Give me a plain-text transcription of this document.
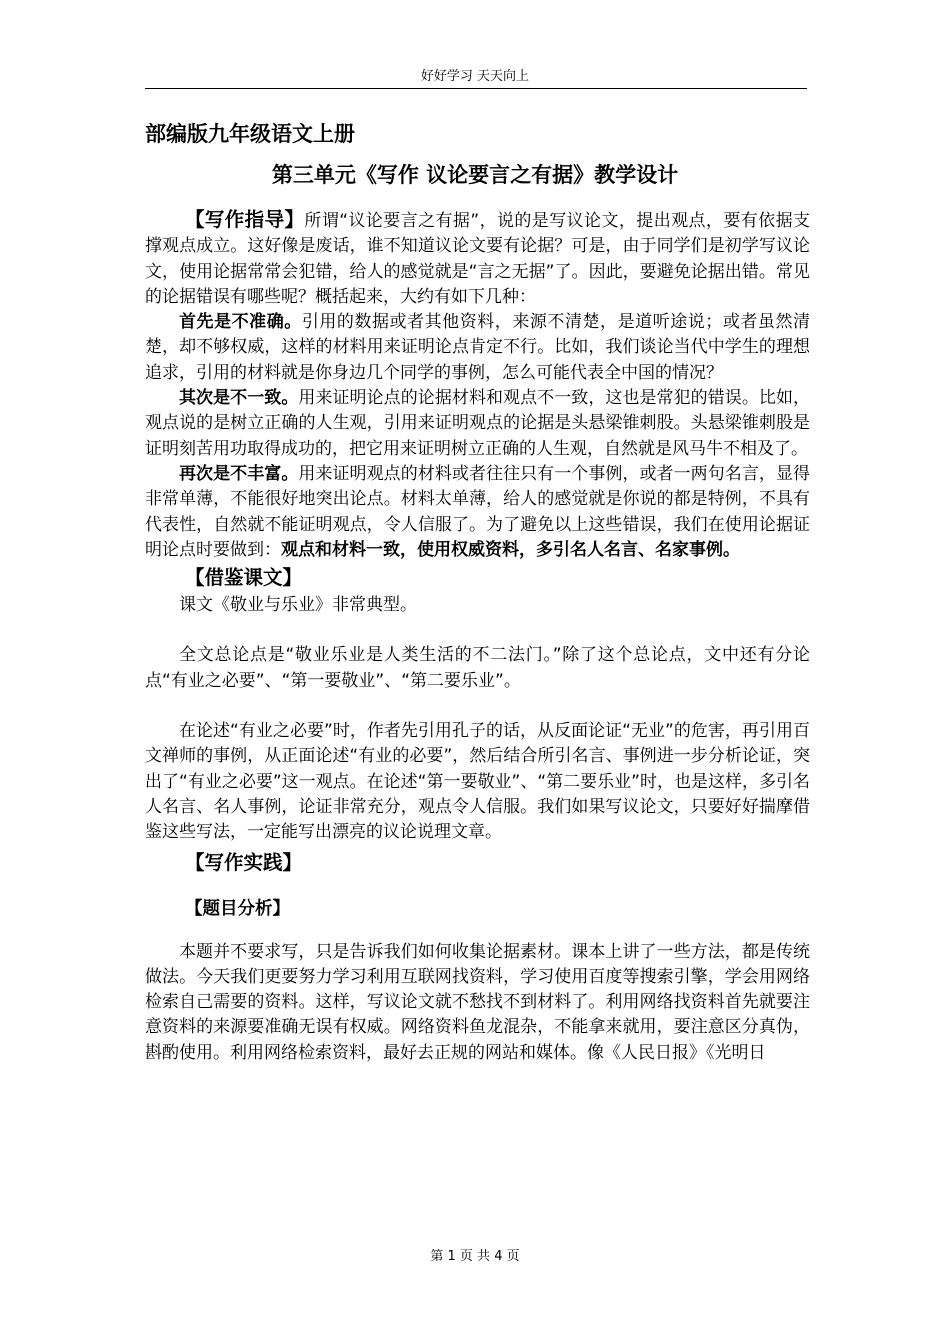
好好学习 天天向上
部编版九年级语文上册
第三单元《写作 议论要言之有据》教学设计

【写作指导】所谓“议论要言之有据”，说的是写议论文，提出观点，要有依据支撑观点成立。这好像是废话，谁不知道议论文要有论据？可是，由于同学们是初学写议论文，使用论据常常会犯错，给人的感觉就是“言之无据”了。因此，要避免论据出错。常见的论据错误有哪些呢？概括起来，大约有如下几种：

首先是不准确。引用的数据或者其他资料，来源不清楚，是道听途说；或者虽然清楚，却不够权威，这样的材料用来证明论点肯定不行。比如，我们谈论当代中学生的理想追求，引用的材料就是你身边几个同学的事例，怎么可能代表全中国的情况？

其次是不一致。用来证明论点的论据材料和观点不一致，这也是常犯的错误。比如，观点说的是树立正确的人生观，引用来证明观点的论据是头悬梁锥刺股。头悬梁锥刺股是证明刻苦用功取得成功的，把它用来证明树立正确的人生观，自然就是风马牛不相及了。

再次是不丰富。用来证明观点的材料或者往往只有一个事例，或者一两句名言，显得非常单薄，不能很好地突出论点。材料太单薄，给人的感觉就是你说的都是特例，不具有代表性，自然就不能证明观点，令人信服了。为了避免以上这些错误，我们在使用论据证明论点时要做到：观点和材料一致，使用权威资料，多引名人名言、名家事例。

【借鉴课文】

课文《敬业与乐业》非常典型。

全文总论点是“敬业乐业是人类生活的不二法门。”除了这个总论点，文中还有分论点“有业之必要”、“第一要敬业”、“第二要乐业”。

在论述“有业之必要”时，作者先引用孔子的话，从反面论证“无业”的危害，再引用百文禅师的事例，从正面论述“有业的必要”，然后结合所引名言、事例进一步分析论证，突出了“有业之必要”这一观点。在论述“第一要敬业”、“第二要乐业”时，也是这样，多引名人名言、名人事例，论证非常充分，观点令人信服。我们如果写议论文，只要好好揣摩借鉴这些写法，一定能写出漂亮的议论说理文章。

【写作实践】
【题目分析】

本题并不要求写，只是告诉我们如何收集论据素材。课本上讲了一些方法，都是传统做法。今天我们更要努力学习利用互联网找资料，学习使用百度等搜索引擎，学会用网络检索自己需要的资料。这样，写议论文就不愁找不到材料了。利用网络找资料首先就要注意资料的来源要准确无误有权威。网络资料鱼龙混杂，不能拿来就用，要注意区分真伪，斟酌使用。利用网络检索资料，最好去正规的网站和媒体。像《人民日报》《光明日

第 1 页 共 4 页
